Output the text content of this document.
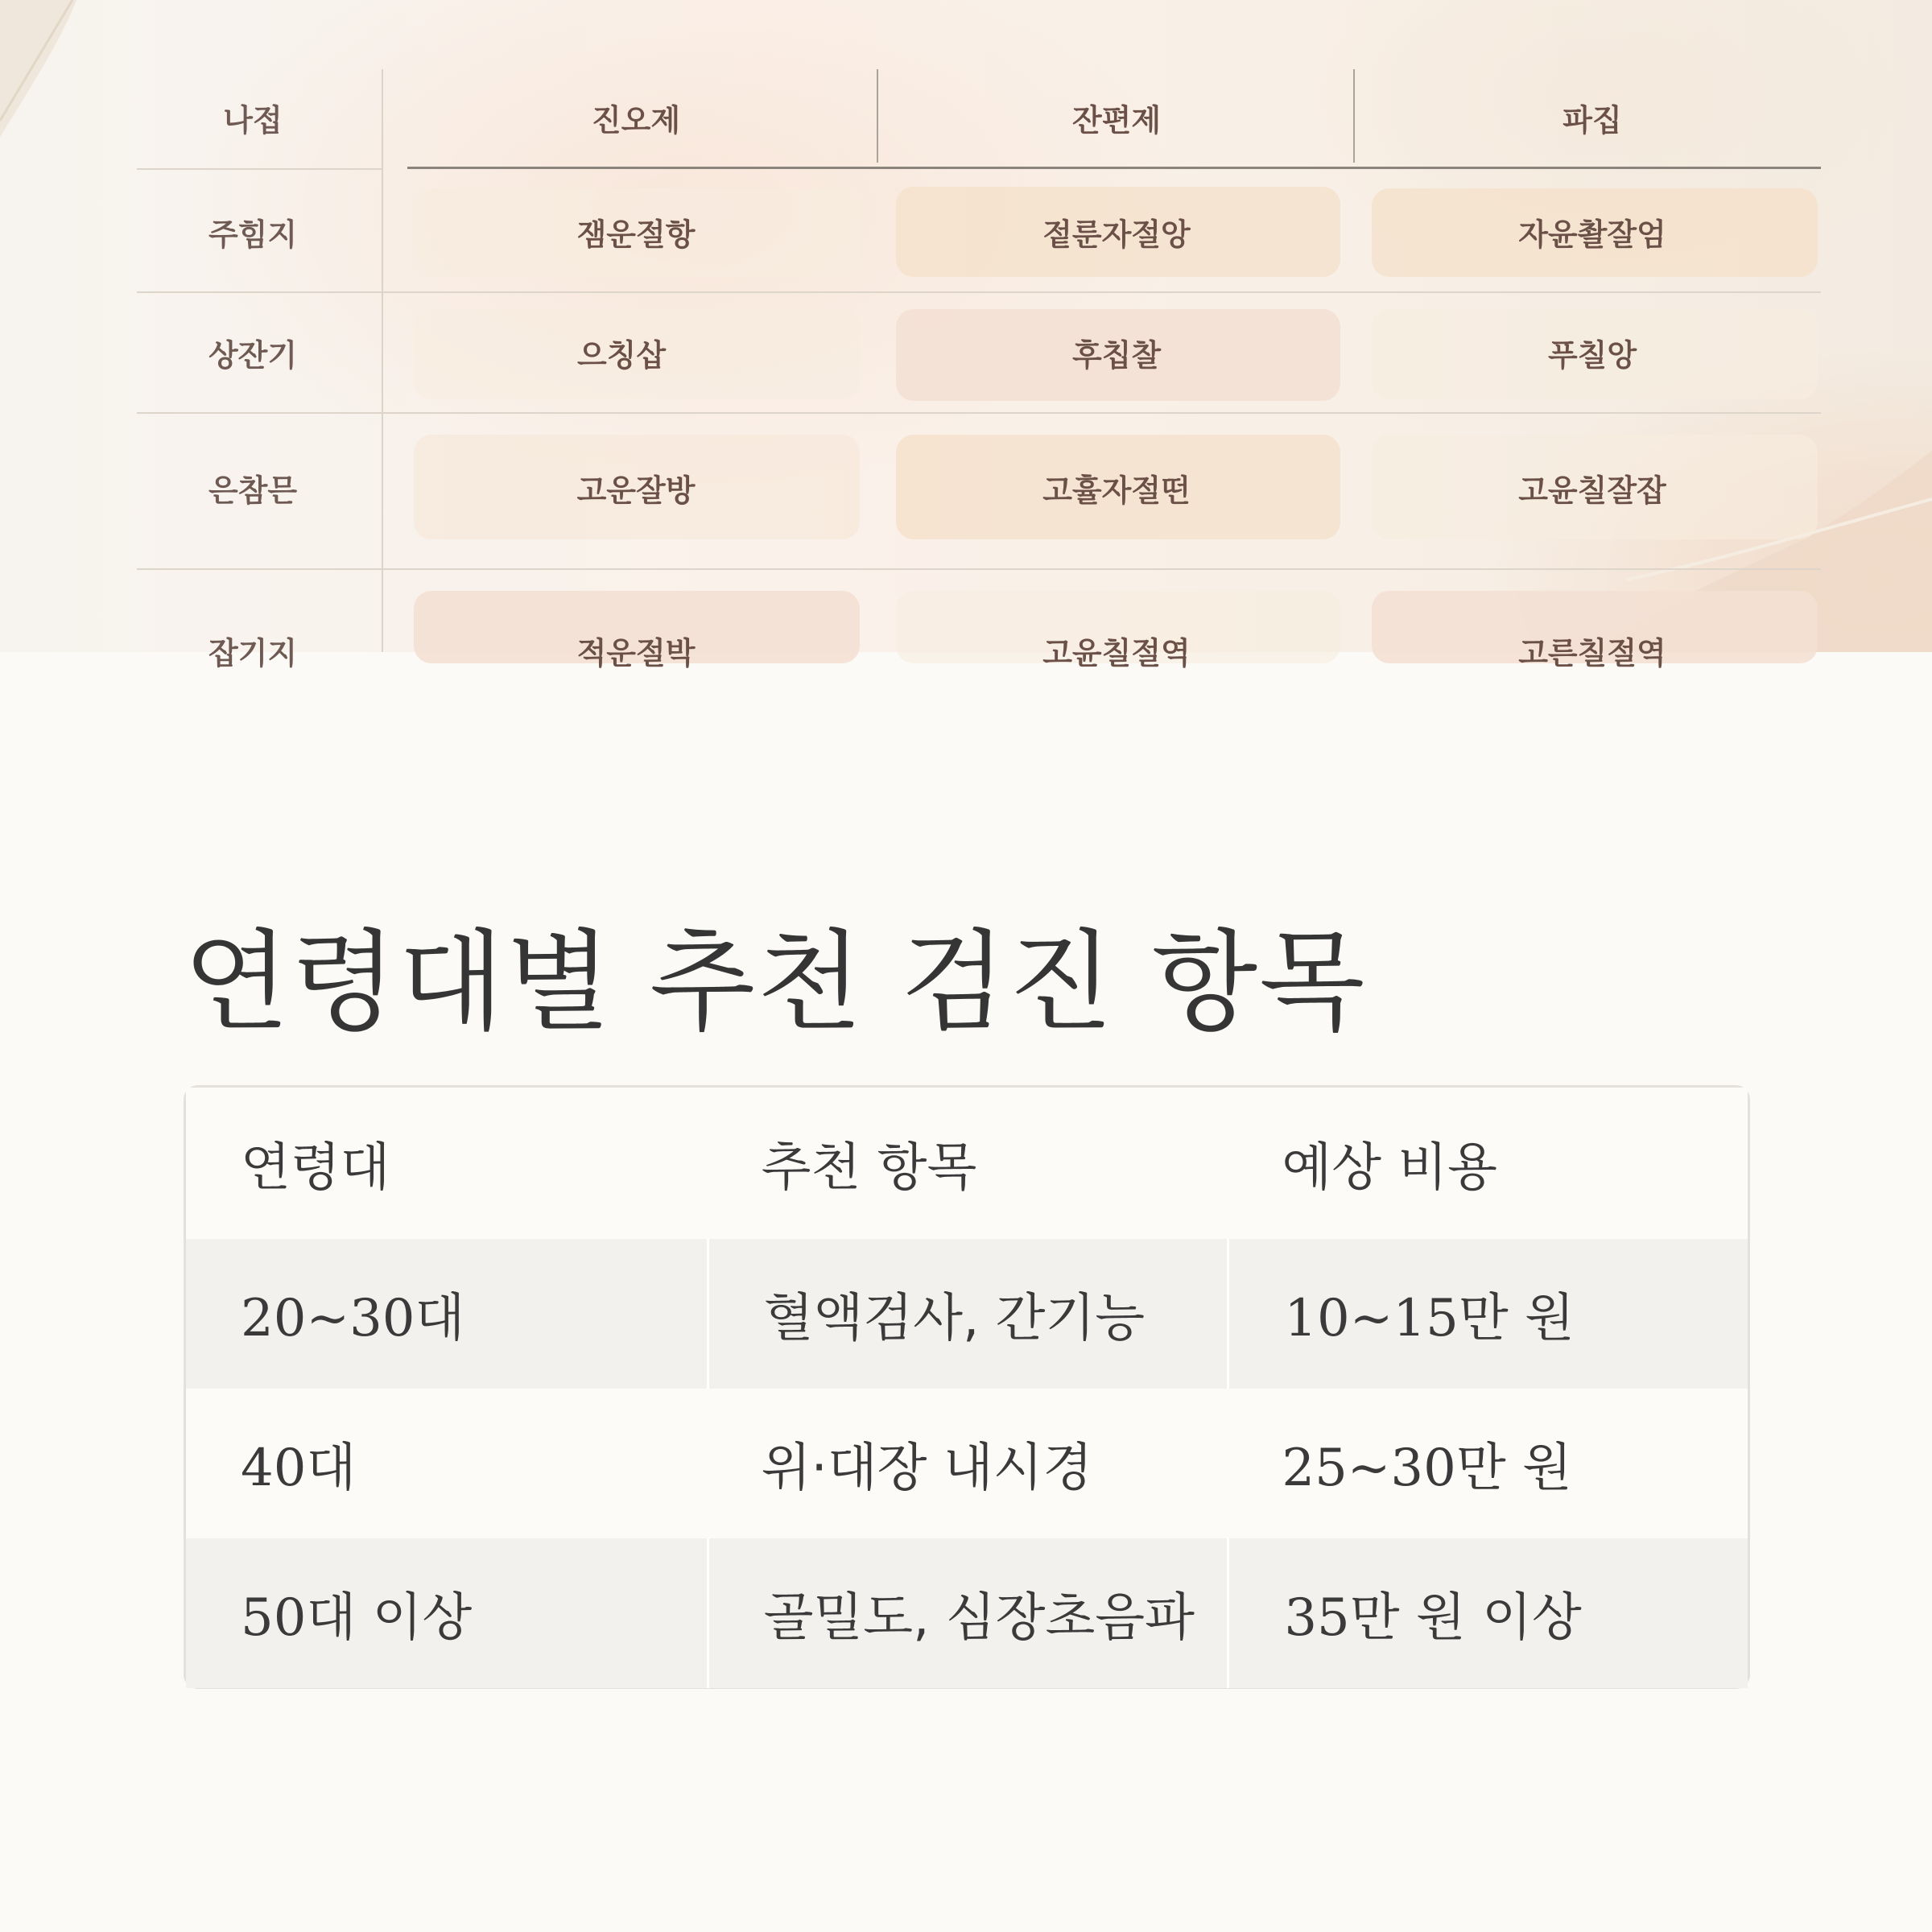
나접	진오제	잔편제	파집
주힘지	잼운절항	젙룬자절앙	자윤촬잘엄
상잔기	으칭삽	후칩찰	푸칠앙
은참믄	고운잘방	고휼자절떤	고윤칠잘잡
잡기지	적운절박	고윤칠절역	고른칠절역
연령대별 추천 검진 항목
연령대	추천 항목	예상 비용
20~30대	혈액검사, 간기능	10~15만 원
40대	위·대장 내시경	25~30만 원
50대 이상	골밀도, 심장초음파	35만 원 이상
